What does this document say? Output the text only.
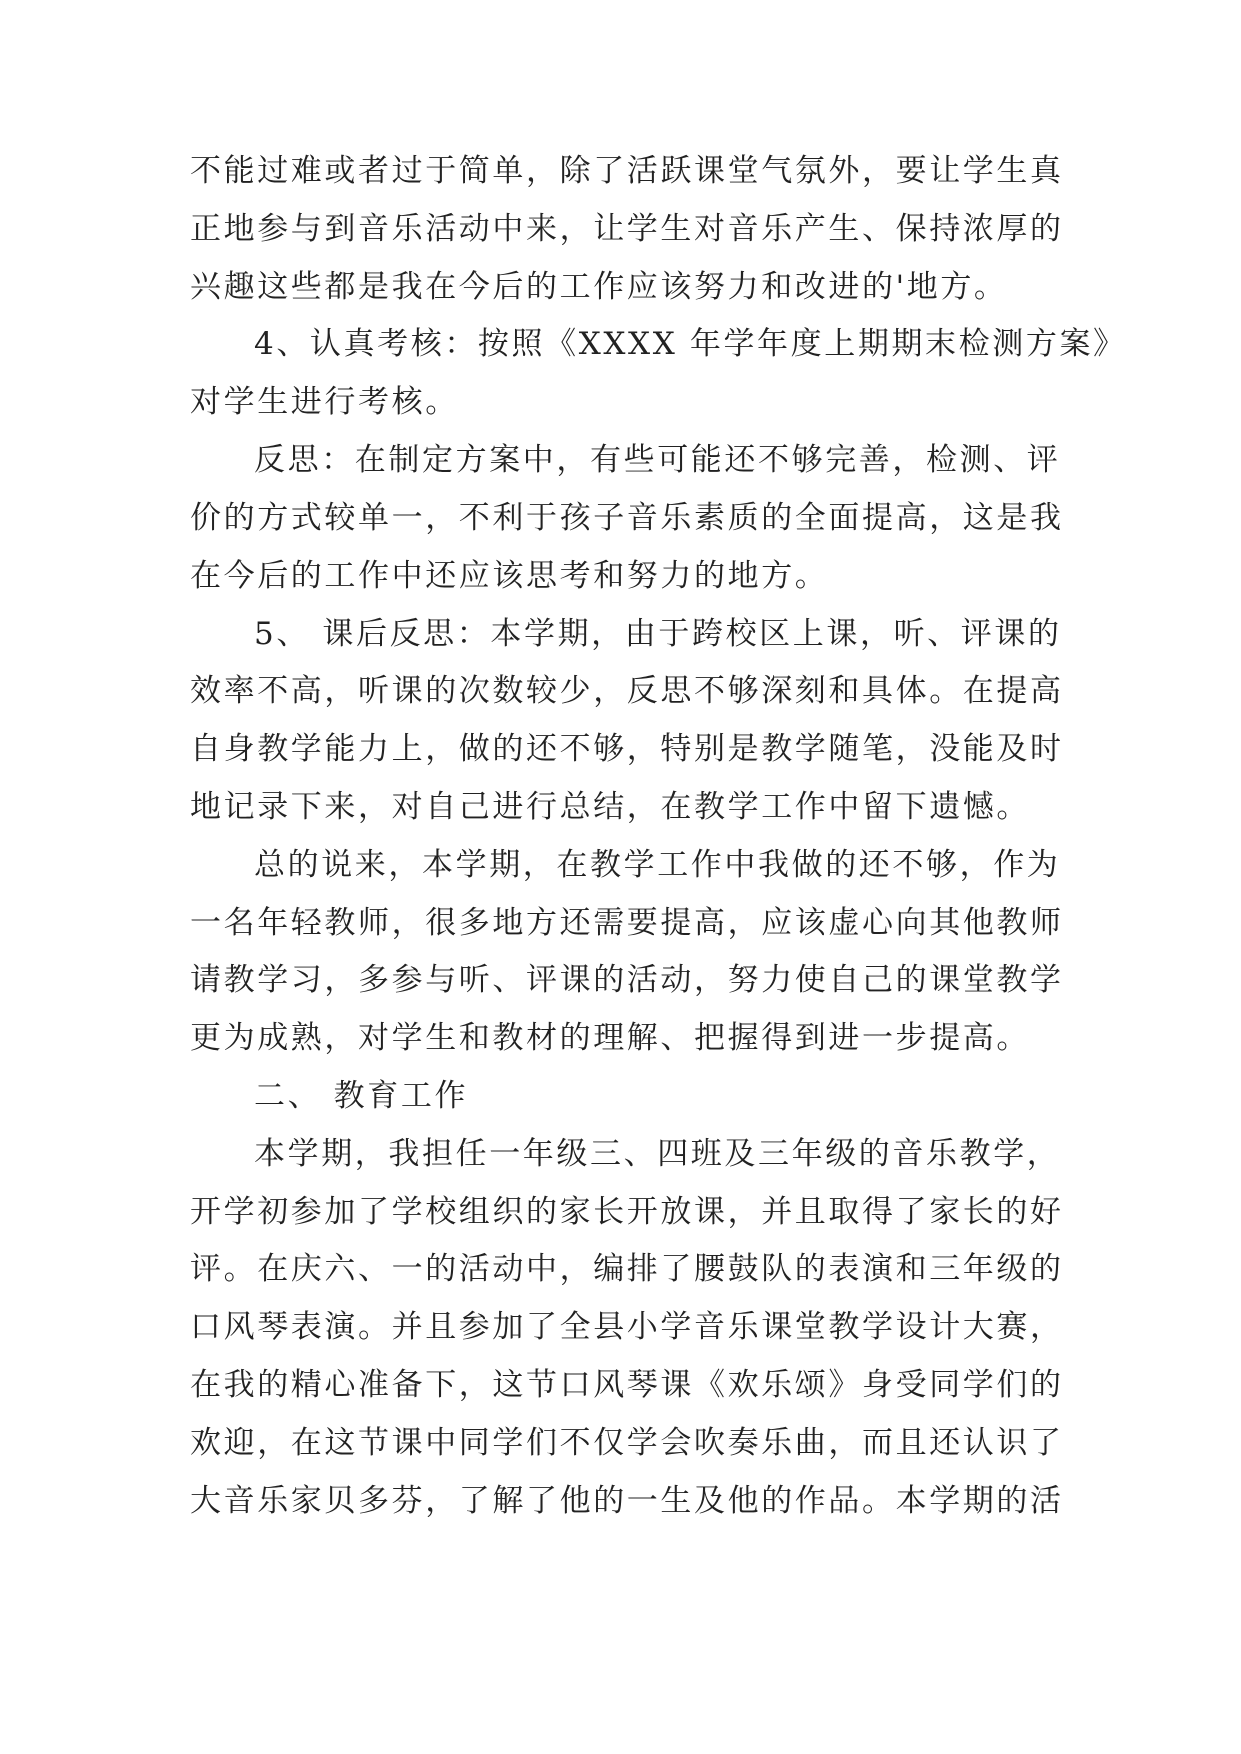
不能过难或者过于简单，除了活跃课堂气氛外，要让学生真
正地参与到音乐活动中来，让学生对音乐产生、保持浓厚的
兴趣这些都是我在今后的工作应该努力和改进的'地方。
4、认真考核：按照《XXXX 年学年度上期期末检测方案》
对学生进行考核。
反思：在制定方案中，有些可能还不够完善，检测、评
价的方式较单一，不利于孩子音乐素质的全面提高，这是我
在今后的工作中还应该思考和努力的地方。
5、 课后反思：本学期，由于跨校区上课，听、评课的
效率不高，听课的次数较少，反思不够深刻和具体。在提高
自身教学能力上，做的还不够，特别是教学随笔，没能及时
地记录下来，对自己进行总结，在教学工作中留下遗憾。
总的说来，本学期，在教学工作中我做的还不够，作为
一名年轻教师，很多地方还需要提高，应该虚心向其他教师
请教学习，多参与听、评课的活动，努力使自己的课堂教学
更为成熟，对学生和教材的理解、把握得到进一步提高。
二、 教育工作
本学期，我担任一年级三、四班及三年级的音乐教学，
开学初参加了学校组织的家长开放课，并且取得了家长的好
评。在庆六、一的活动中，编排了腰鼓队的表演和三年级的
口风琴表演。并且参加了全县小学音乐课堂教学设计大赛，
在我的精心准备下，这节口风琴课《欢乐颂》身受同学们的
欢迎，在这节课中同学们不仅学会吹奏乐曲，而且还认识了
大音乐家贝多芬，了解了他的一生及他的作品。本学期的活
